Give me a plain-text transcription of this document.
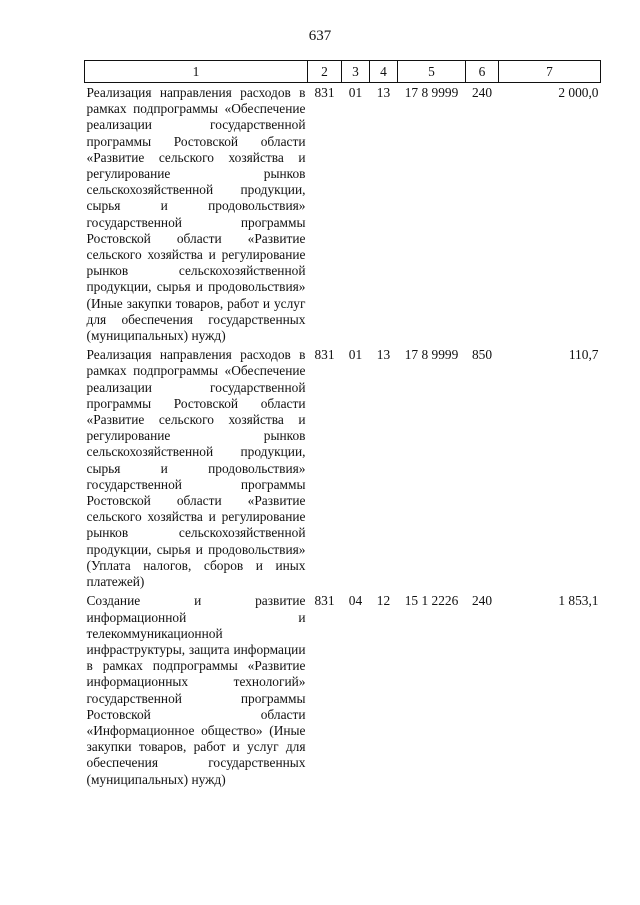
637
1	2	3	4	5	6	7
Реализация направления расходов в рамках подпрограммы «Обеспечение реализации государственной программы Ростовской области «Развитие сельского хозяйства и регулирование рынков сельскохозяйственной продукции, сырья и продовольствия» государственной программы Ростовской области «Развитие сельского хозяйства и регулирование рынков сельскохозяйственной продукции, сырья и продовольствия» (Иные закупки товаров, работ и услуг для обеспечения государственных (муниципальных) нужд)	831	01	13	17 8 9999	240	2 000,0
Реализация направления расходов в рамках подпрограммы «Обеспечение реализации государственной программы Ростовской области «Развитие сельского хозяйства и регулирование рынков сельскохозяйственной продукции, сырья и продовольствия» государственной программы Ростовской области «Развитие сельского хозяйства и регулирование рынков сельскохозяйственной продукции, сырья и продовольствия» (Уплата налогов, сборов и иных платежей)	831	01	13	17 8 9999	850	110,7
Создание и развитие информационной и телекоммуникационной инфраструктуры, защита информации в рамках подпрограммы «Развитие информационных технологий» государственной программы Ростовской области «Информационное общество» (Иные закупки товаров, работ и услуг для обеспечения государственных (муниципальных) нужд)	831	04	12	15 1 2226	240	1 853,1
